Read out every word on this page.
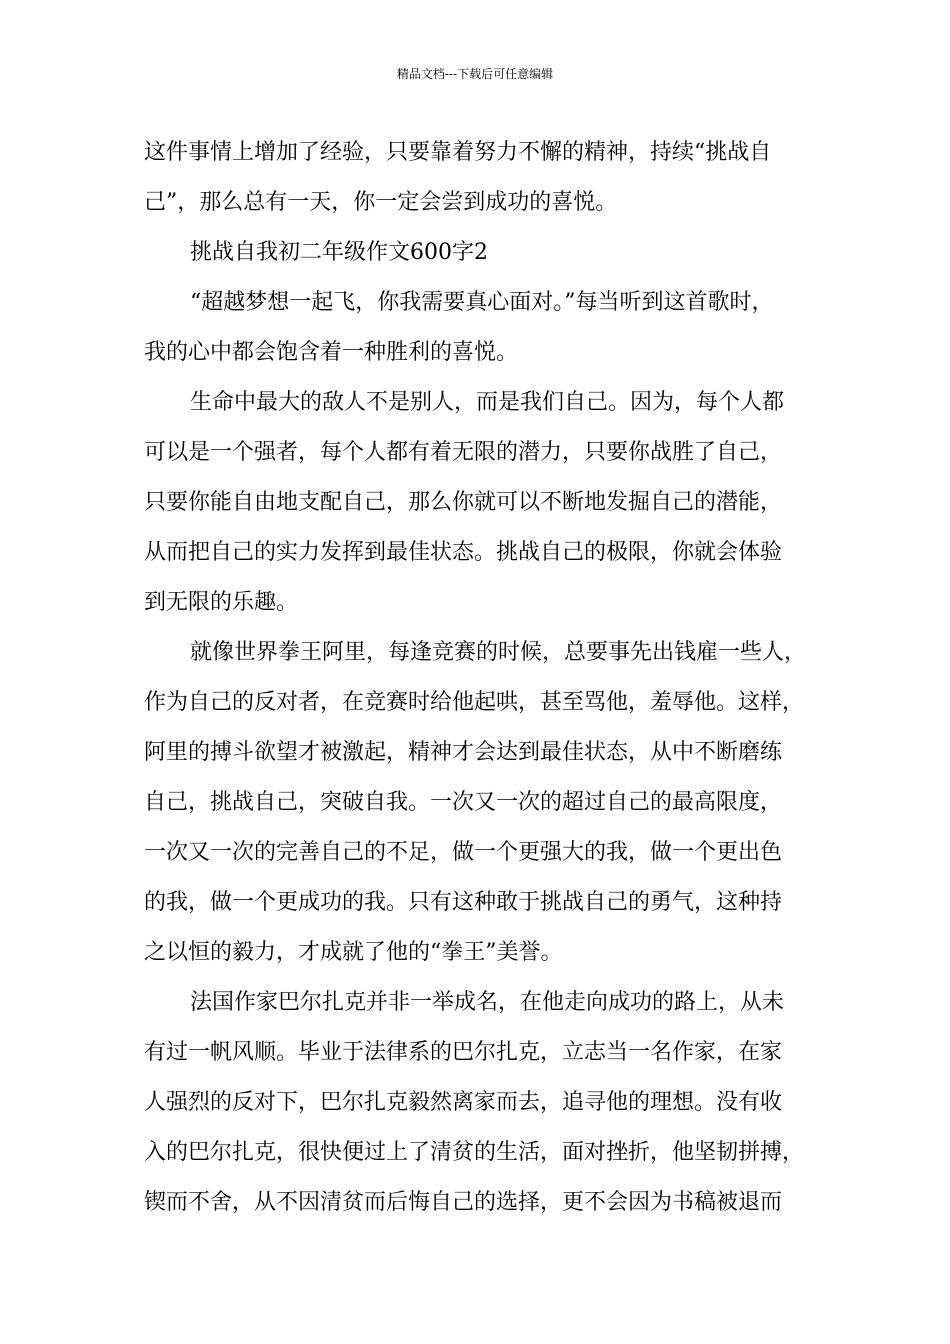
精品文档---下载后可任意编辑
这件事情上增加了经验，只要靠着努力不懈的精神，持续“挑战自
己”，那么总有一天，你一定会尝到成功的喜悦。
挑战自我初二年级作文600字2
“超越梦想一起飞，你我需要真心面对。”每当听到这首歌时，
我的心中都会饱含着一种胜利的喜悦。
生命中最大的敌人不是别人，而是我们自己。因为，每个人都
可以是一个强者，每个人都有着无限的潜力，只要你战胜了自己，
只要你能自由地支配自己，那么你就可以不断地发掘自己的潜能，
从而把自己的实力发挥到最佳状态。挑战自己的极限，你就会体验
到无限的乐趣。
就像世界拳王阿里，每逢竞赛的时候，总要事先出钱雇一些人，
作为自己的反对者，在竞赛时给他起哄，甚至骂他，羞辱他。这样，
阿里的搏斗欲望才被激起，精神才会达到最佳状态，从中不断磨练
自己，挑战自己，突破自我。一次又一次的超过自己的最高限度，
一次又一次的完善自己的不足，做一个更强大的我，做一个更出色
的我，做一个更成功的我。只有这种敢于挑战自己的勇气，这种持
之以恒的毅力，才成就了他的“拳王”美誉。
法国作家巴尔扎克并非一举成名，在他走向成功的路上，从未
有过一帆风顺。毕业于法律系的巴尔扎克，立志当一名作家，在家
人强烈的反对下，巴尔扎克毅然离家而去，追寻他的理想。没有收
入的巴尔扎克，很快便过上了清贫的生活，面对挫折，他坚韧拼搏，
锲而不舍，从不因清贫而后悔自己的选择，更不会因为书稿被退而
